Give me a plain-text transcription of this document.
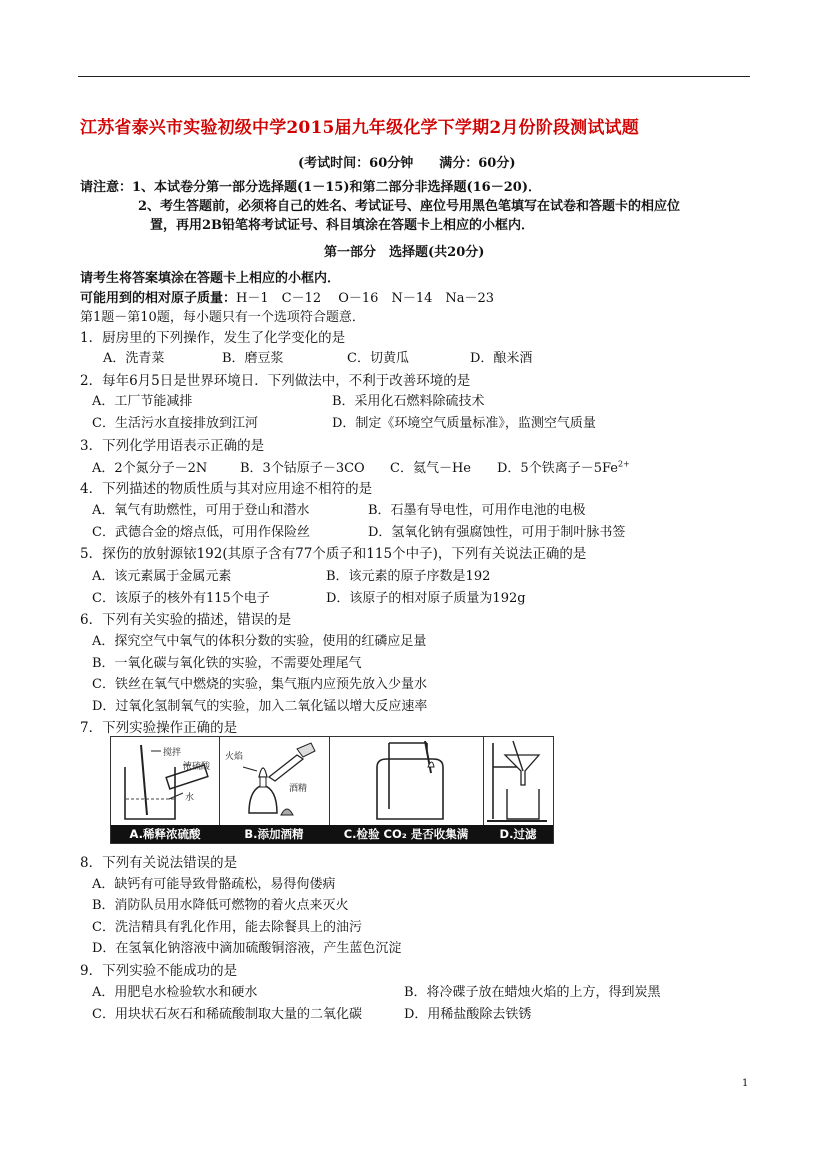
江苏省泰兴市实验初级中学2015届九年级化学下学期2月份阶段测试试题
(考试时间：60分钟　　满分：60分)
请注意：1、本试卷分第一部分选择题(1－15)和第二部分非选择题(16－20)．
2、考生答题前，必须将自己的姓名、考试证号、座位号用黑色笔填写在试卷和答题卡的相应位
置，再用2B铅笔将考试证号、科目填涂在答题卡上相应的小框内．
第一部分　选择题(共20分)
请考生将答案填涂在答题卡上相应的小框内．
可能用到的相对原子质量：H－1　C－12　 O－16　N－14　Na－23
第1题－第10题，每小题只有一个选项符合题意．
1．厨房里的下列操作，发生了化学变化的是
A．洗青菜	B．磨豆浆	C．切黄瓜	D．酿米酒
2．每年6月5日是世界环境日．下列做法中，不利于改善环境的是
A．工厂节能减排	B．采用化石燃料除硫技术
C．生活污水直接排放到江河	D．制定《环境空气质量标准》，监测空气质量
3．下列化学用语表示正确的是
A．2个氮分子－2N	B．3个钴原子－3CO C．氦气－He D．5个铁离子$-5Fe^{2+}$
4．下列描述的物质性质与其对应用途不相符的是
A．氧气有助燃性，可用于登山和潜水	B．石墨有导电性，可用作电池的电极
C．武德合金的熔点低，可用作保险丝	D．氢氧化钠有强腐蚀性，可用于制叶脉书签
5．探伤的放射源铱192(其原子含有77个质子和115个中子)，下列有关说法正确的是
A．该元素属于金属元素	B．该元素的原子序数是192
C．该原子的核外有115个电子	D．该原子的相对原子质量为192g
6．下列有关实验的描述，错误的是
A．探究空气中氧气的体积分数的实验，使用的红磷应足量
B．一氧化碳与氧化铁的实验，不需要处理尾气
C．铁丝在氧气中燃烧的实验，集气瓶内应预先放入少量水
D．过氧化氢制氧气的实验，加入二氧化锰以增大反应速率
7．下列实验操作正确的是
搅拌
浓硫酸
水
A.稀释浓硫酸
火焰
酒精
B.添加酒精	C.检验 CO₂ 是否收集满	D.过滤
8．下列有关说法错误的是
A．缺钙有可能导致骨骼疏松，易得佝偻病
B．消防队员用水降低可燃物的着火点来灭火
C．洗洁精具有乳化作用，能去除餐具上的油污
D．在氢氧化钠溶液中滴加硫酸铜溶液，产生蓝色沉淀
9．下列实验不能成功的是
A．用肥皂水检验软水和硬水	B．将冷碟子放在蜡烛火焰的上方，得到炭黑
C．用块状石灰石和稀硫酸制取大量的二氧化碳	D．用稀盐酸除去铁锈
1
